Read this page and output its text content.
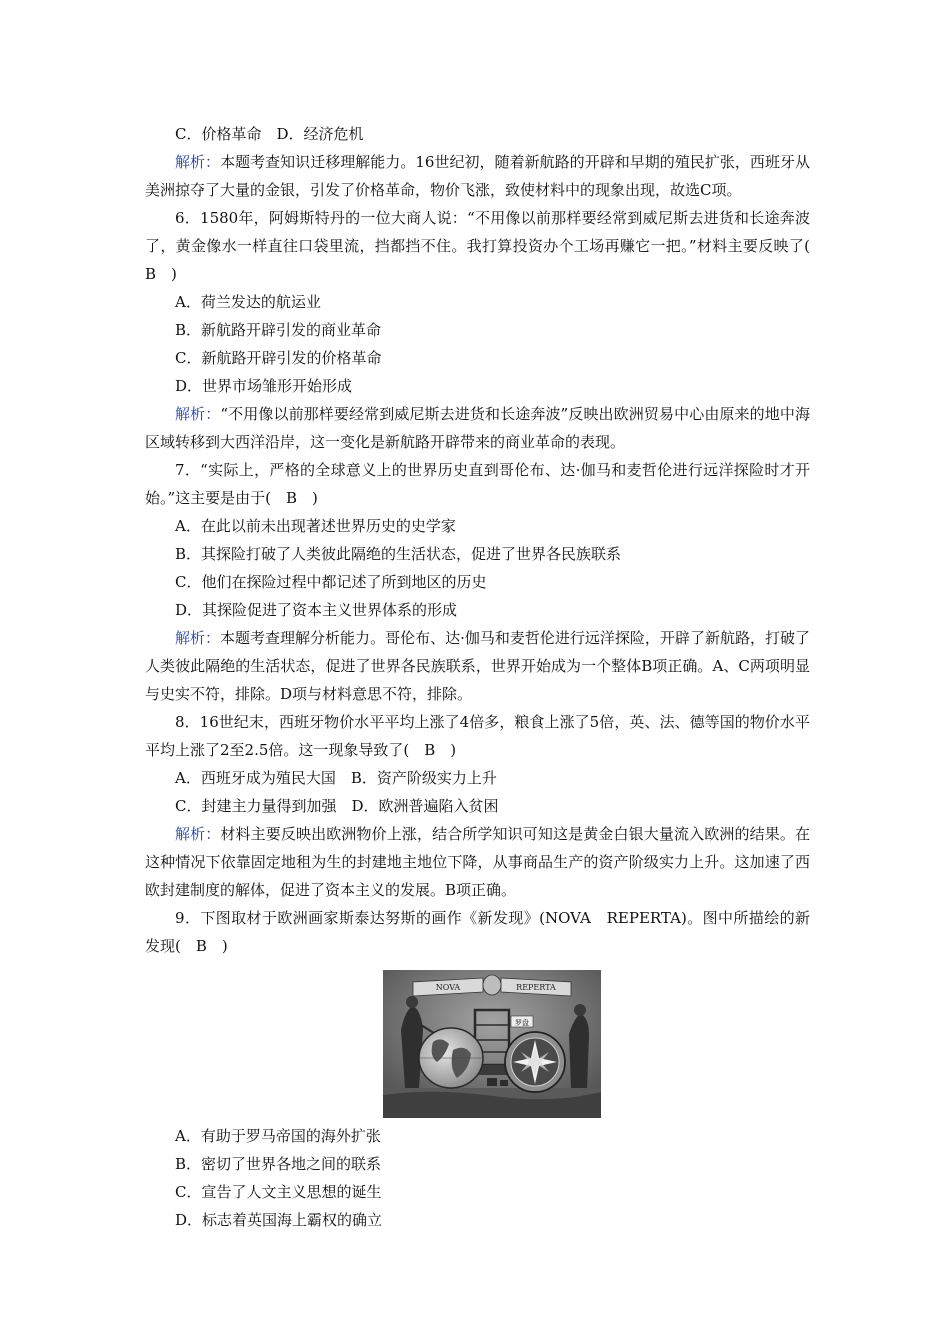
C．价格革命　D．经济危机
解析：本题考查知识迁移理解能力。16世纪初，随着新航路的开辟和早期的殖民扩张，西班牙从美洲掠夺了大量的金银，引发了价格革命，物价飞涨，致使材料中的现象出现，故选C项。
6．1580年，阿姆斯特丹的一位大商人说：“不用像以前那样要经常到威尼斯去进货和长途奔波了，黄金像水一样直往口袋里流，挡都挡不住。我打算投资办个工场再赚它一把。”材料主要反映了(　B　)
A．荷兰发达的航运业
B．新航路开辟引发的商业革命
C．新航路开辟引发的价格革命
D．世界市场雏形开始形成
解析：“不用像以前那样要经常到威尼斯去进货和长途奔波”反映出欧洲贸易中心由原来的地中海区域转移到大西洋沿岸，这一变化是新航路开辟带来的商业革命的表现。
7．“实际上，严格的全球意义上的世界历史直到哥伦布、达·伽马和麦哲伦进行远洋探险时才开始。”这主要是由于(　B　)
A．在此以前未出现著述世界历史的史学家
B．其探险打破了人类彼此隔绝的生活状态，促进了世界各民族联系
C．他们在探险过程中都记述了所到地区的历史
D．其探险促进了资本主义世界体系的形成
解析：本题考查理解分析能力。哥伦布、达·伽马和麦哲伦进行远洋探险，开辟了新航路，打破了人类彼此隔绝的生活状态，促进了世界各民族联系，世界开始成为一个整体B项正确。A、C两项明显与史实不符，排除。D项与材料意思不符，排除。
8．16世纪末，西班牙物价水平平均上涨了4倍多，粮食上涨了5倍，英、法、德等国的物价水平平均上涨了2至2.5倍。这一现象导致了(　B　)
A．西班牙成为殖民大国　B．资产阶级实力上升
C．封建主力量得到加强　D．欧洲普遍陷入贫困
解析：材料主要反映出欧洲物价上涨，结合所学知识可知这是黄金白银大量流入欧洲的结果。在这种情况下依靠固定地租为生的封建地主地位下降，从事商品生产的资产阶级实力上升。这加速了西欧封建制度的解体，促进了资本主义的发展。B项正确。
9．下图取材于欧洲画家斯泰达努斯的画作《新发现》(NOVA　REPERTA)。图中所描绘的新发现(　B　)
NOVA	REPERTA
罗盘
A．有助于罗马帝国的海外扩张
B．密切了世界各地之间的联系
C．宣告了人文主义思想的诞生
D．标志着英国海上霸权的确立
